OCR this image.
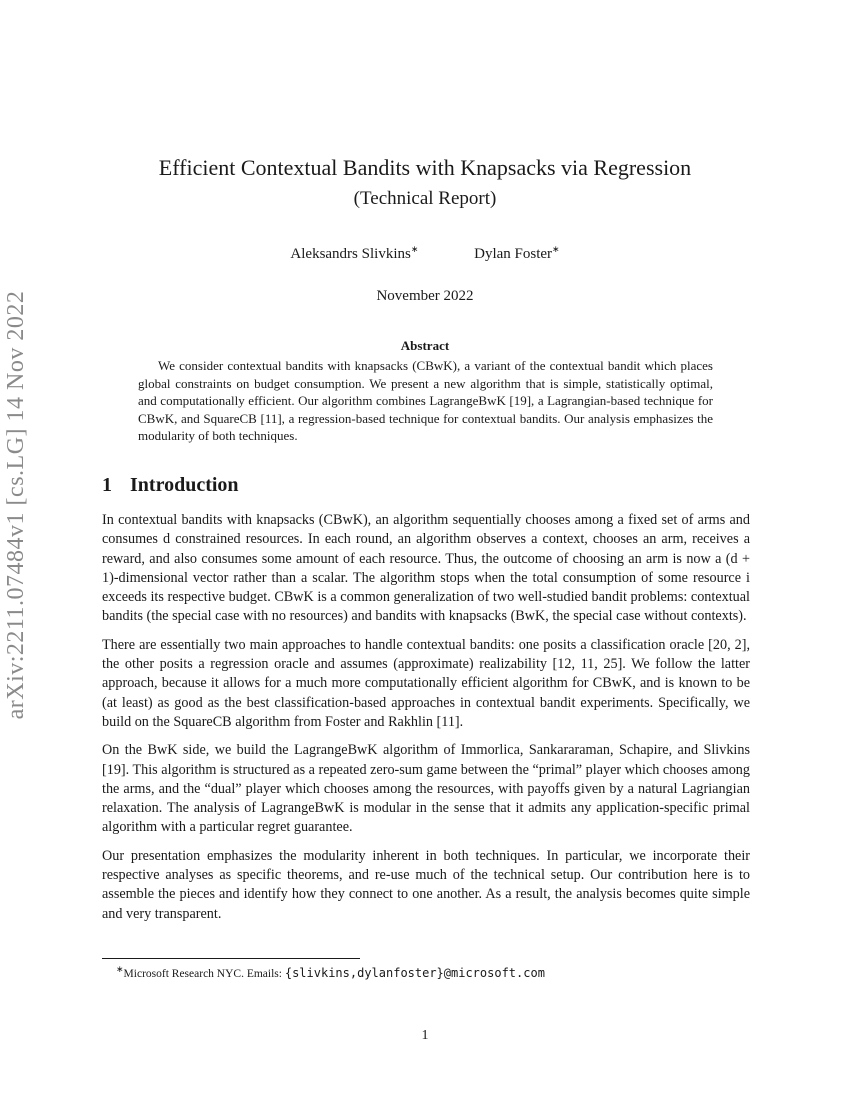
arXiv:2211.07484v1 [cs.LG] 14 Nov 2022
Efficient Contextual Bandits with Knapsacks via Regression
(Technical Report)
Aleksandrs Slivkins∗	Dylan Foster∗
November 2022
Abstract
We consider contextual bandits with knapsacks (CBwK), a variant of the contextual bandit which places global constraints on budget consumption. We present a new algorithm that is simple, statistically optimal, and computationally efficient. Our algorithm combines LagrangeBwK [19], a Lagrangian-based technique for CBwK, and SquareCB [11], a regression-based technique for contextual bandits. Our analysis emphasizes the modularity of both techniques.
1 Introduction

In contextual bandits with knapsacks (CBwK), an algorithm sequentially chooses among a fixed set of arms and consumes d constrained resources. In each round, an algorithm observes a context, chooses an arm, receives a reward, and also consumes some amount of each resource. Thus, the outcome of choosing an arm is now a (d + 1)-dimensional vector rather than a scalar. The algorithm stops when the total consumption of some resource i exceeds its respective budget. CBwK is a common generalization of two well-studied bandit problems: contextual bandits (the special case with no resources) and bandits with knapsacks (BwK, the special case without contexts).

There are essentially two main approaches to handle contextual bandits: one posits a classification oracle [20, 2], the other posits a regression oracle and assumes (approximate) realizability [12, 11, 25]. We follow the latter approach, because it allows for a much more computationally efficient algorithm for CBwK, and is known to be (at least) as good as the best classification-based approaches in contextual bandit experiments. Specifically, we build on the SquareCB algorithm from Foster and Rakhlin [11].

On the BwK side, we build the LagrangeBwK algorithm of Immorlica, Sankararaman, Schapire, and Slivkins [19]. This algorithm is structured as a repeated zero-sum game between the “primal” player which chooses among the arms, and the “dual” player which chooses among the resources, with payoffs given by a natural Lagriangian relaxation. The analysis of LagrangeBwK is modular in the sense that it admits any application-specific primal algorithm with a particular regret guarantee.

Our presentation emphasizes the modularity inherent in both techniques. In particular, we incorporate their respective analyses as specific theorems, and re-use much of the technical setup. Our contribution here is to assemble the pieces and identify how they connect to one another. As a result, the analysis becomes quite simple and very transparent.

∗Microsoft Research NYC. Emails: {slivkins,dylanfoster}@microsoft.com
1
